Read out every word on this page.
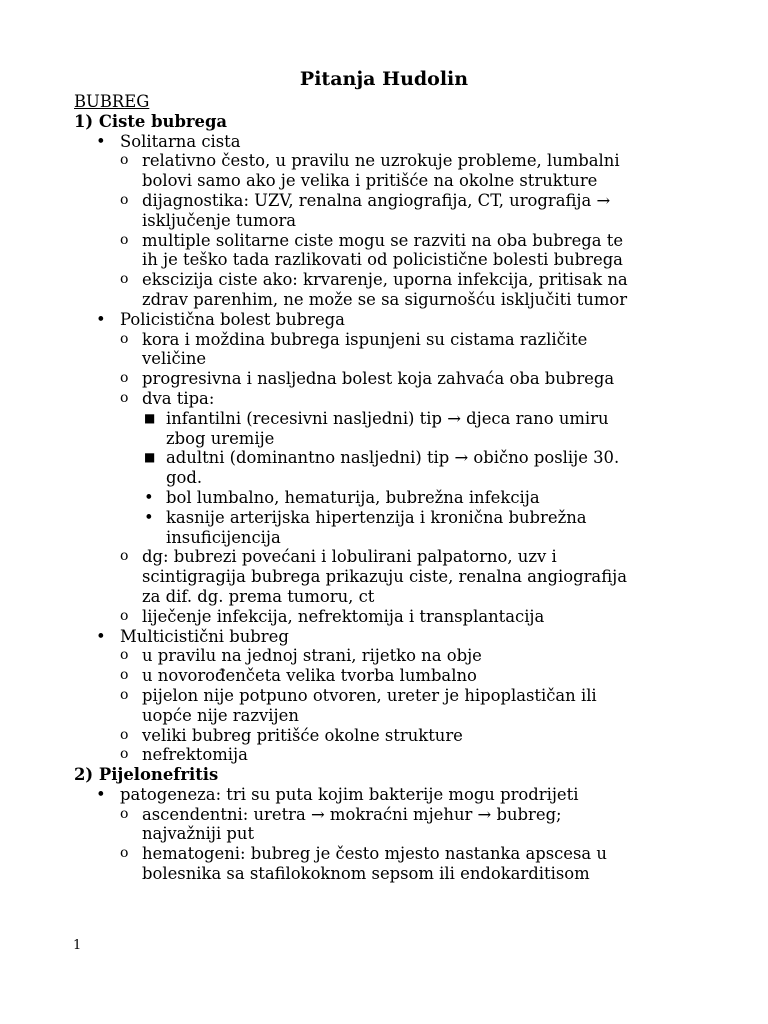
Pitanja Hudolin
BUBREG
1) Ciste bubrega
• Solitarna cista
o relativno često, u pravilu ne uzrokuje probleme, lumbalni
bolovi samo ako je velika i pritišće na okolne strukture
o dijagnostika: UZV, renalna angiografija, CT, urografija →
isključenje tumora
o multiple solitarne ciste mogu se razviti na oba bubrega te
ih je teško tada razlikovati od policistične bolesti bubrega
o ekscizija ciste ako: krvarenje, uporna infekcija, pritisak na
zdrav parenhim, ne može se sa sigurnošću isključiti tumor
• Policistična bolest bubrega
o kora i moždina bubrega ispunjeni su cistama različite
veličine
o progresivna i nasljedna bolest koja zahvaća oba bubrega
o dva tipa:
■ infantilni (recesivni nasljedni) tip → djeca rano umiru
zbog uremije
■ adultni (dominantno nasljedni) tip → obično poslije 30.
god.
• bol lumbalno, hematurija, bubrežna infekcija
• kasnije arterijska hipertenzija i kronična bubrežna
insuficijencija
o dg: bubrezi povećani i lobulirani palpatorno, uzv i
scintigragija bubrega prikazuju ciste, renalna angiografija
za dif. dg. prema tumoru, ct
o liječenje infekcija, nefrektomija i transplantacija
• Multicistični bubreg
o u pravilu na jednoj strani, rijetko na obje
o u novorođenčeta velika tvorba lumbalno
o pijelon nije potpuno otvoren, ureter je hipoplastičan ili
uopće nije razvijen
o veliki bubreg pritišće okolne strukture
o nefrektomija
2) Pijelonefritis
• patogeneza: tri su puta kojim bakterije mogu prodrijeti
o ascendentni: uretra → mokraćni mjehur → bubreg;
najvažniji put
o hematogeni: bubreg je često mjesto nastanka apscesa u
bolesnika sa stafilokoknom sepsom ili endokarditisom
1
